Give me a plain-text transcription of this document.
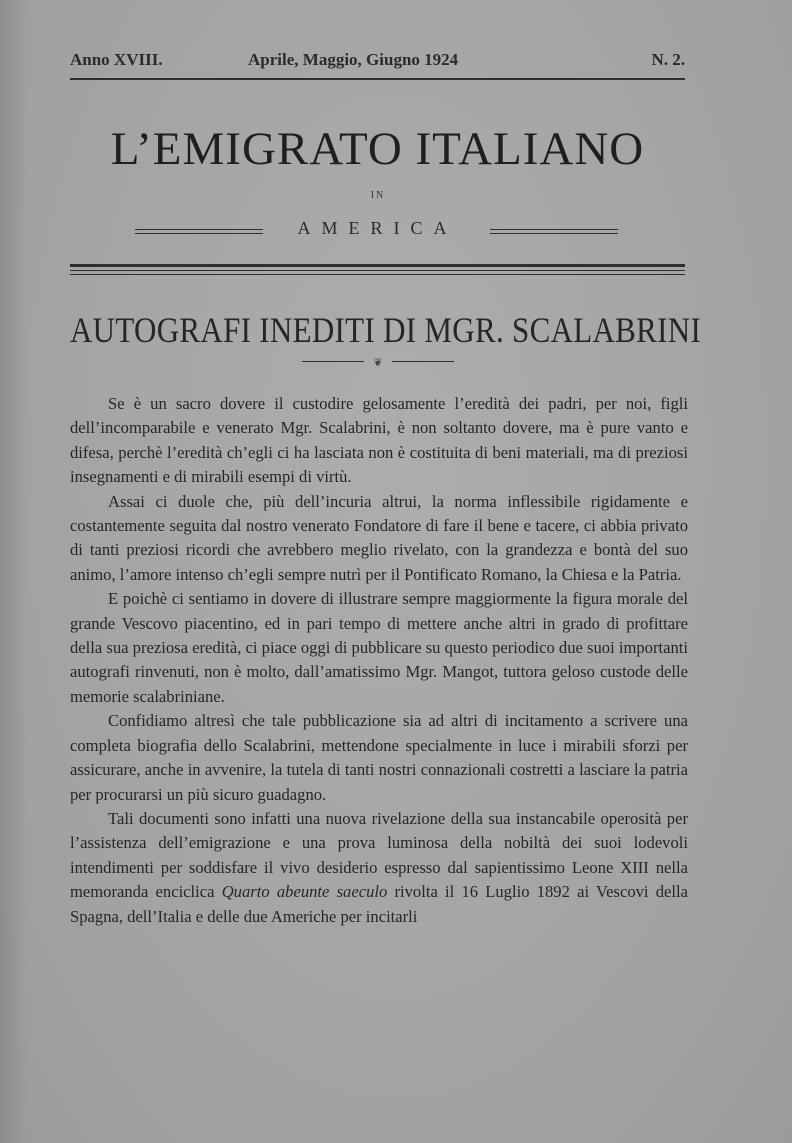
Anno XVIII.	Aprile, Maggio, Giugno 1924	N. 2.
L’EMIGRATO ITALIANO
IN
AMERICA
AUTOGRAFI INEDITI DI MGR. SCALABRINI
❦

Se è un sacro dovere il custodire gelosamente l’eredità dei padri, per noi, figli dell’incomparabile e venerato Mgr. Scalabrini, è non soltanto dovere, ma è pure vanto e difesa, perchè l’eredità ch’egli ci ha lasciata non è costituita di beni materiali, ma di preziosi insegnamenti e di mirabili esempi di virtù.

Assai ci duole che, più dell’incuria altrui, la norma inflessibile rigidamente e costantemente seguita dal nostro venerato Fondatore di fare il bene e tacere, ci abbia privato di tanti preziosi ricordi che avrebbero meglio rivelato, con la grandezza e bontà del suo animo, l’amore intenso ch’egli sempre nutrì per il Pontificato Romano, la Chiesa e la Patria.

E poichè ci sentiamo in dovere di illustrare sempre maggiormente la figura morale del grande Vescovo piacentino, ed in pari tempo di mettere anche altri in grado di profittare della sua preziosa eredità, ci piace oggi di pubblicare su questo periodico due suoi importanti autografi rinvenuti, non è molto, dall’amatissimo Mgr. Mangot, tuttora geloso custode delle memorie scalabriniane.

Confidiamo altresì che tale pubblicazione sia ad altri di incitamento a scrivere una completa biografia dello Scalabrini, mettendone specialmente in luce i mirabili sforzi per assicurare, anche in avvenire, la tutela di tanti nostri connazionali costretti a lasciare la patria per procurarsi un più sicuro guadagno.

Tali documenti sono infatti una nuova rivelazione della sua instancabile operosità per l’assistenza dell’emigrazione e una prova luminosa della nobiltà dei suoi lodevoli intendimenti per soddisfare il vivo desiderio espresso dal sapientissimo Leone XIII nella memoranda enciclica Quarto abeunte saeculo rivolta il 16 Luglio 1892 ai Vescovi della Spagna, dell’Italia e delle due Americhe per incitarli
